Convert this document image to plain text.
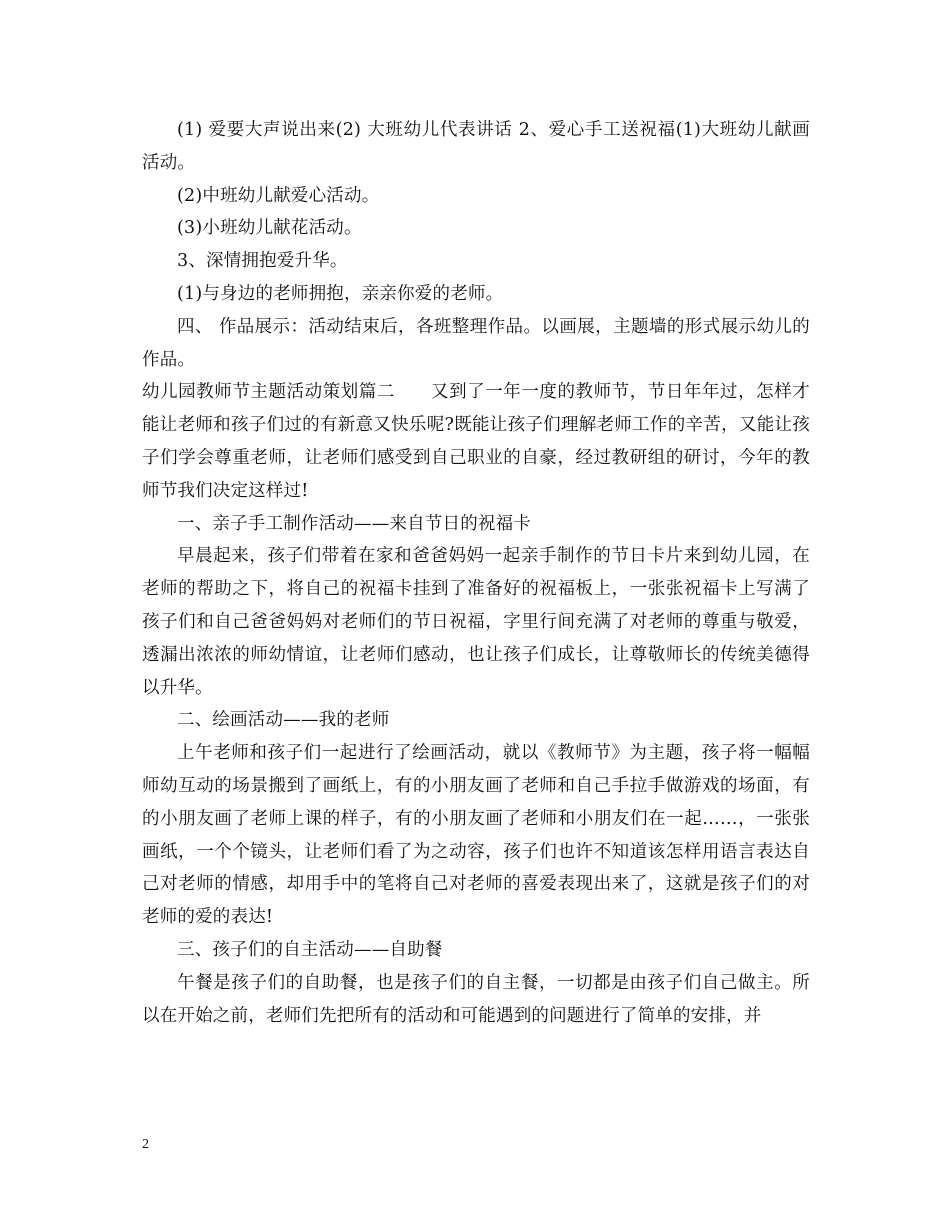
(1) 爱要大声说出来(2) 大班幼儿代表讲话 2、爱心手工送祝福(1)大班幼儿献画活动。

(2)中班幼儿献爱心活动。

(3)小班幼儿献花活动。

3、深情拥抱爱升华。

(1)与身边的老师拥抱，亲亲你爱的老师。

四、 作品展示：活动结束后，各班整理作品。以画展，主题墙的形式展示幼儿的作品。

幼儿园教师节主题活动策划篇二　　又到了一年一度的教师节，节日年年过，怎样才能让老师和孩子们过的有新意又快乐呢?既能让孩子们理解老师工作的辛苦，又能让孩子们学会尊重老师，让老师们感受到自己职业的自豪，经过教研组的研讨，今年的教师节我们决定这样过!

一、亲子手工制作活动——来自节日的祝福卡

早晨起来，孩子们带着在家和爸爸妈妈一起亲手制作的节日卡片来到幼儿园，在老师的帮助之下，将自己的祝福卡挂到了准备好的祝福板上，一张张祝福卡上写满了孩子们和自己爸爸妈妈对老师们的节日祝福，字里行间充满了对老师的尊重与敬爱，透漏出浓浓的师幼情谊，让老师们感动，也让孩子们成长，让尊敬师长的传统美德得以升华。

二、绘画活动——我的老师

上午老师和孩子们一起进行了绘画活动，就以《教师节》为主题，孩子将一幅幅师幼互动的场景搬到了画纸上，有的小朋友画了老师和自己手拉手做游戏的场面，有的小朋友画了老师上课的样子，有的小朋友画了老师和小朋友们在一起……，一张张画纸，一个个镜头，让老师们看了为之动容，孩子们也许不知道该怎样用语言表达自己对老师的情感，却用手中的笔将自己对老师的喜爱表现出来了，这就是孩子们的对老师的爱的表达!

三、孩子们的自主活动——自助餐

午餐是孩子们的自助餐，也是孩子们的自主餐，一切都是由孩子们自己做主。所以在开始之前，老师们先把所有的活动和可能遇到的问题进行了简单的安排，并

2
